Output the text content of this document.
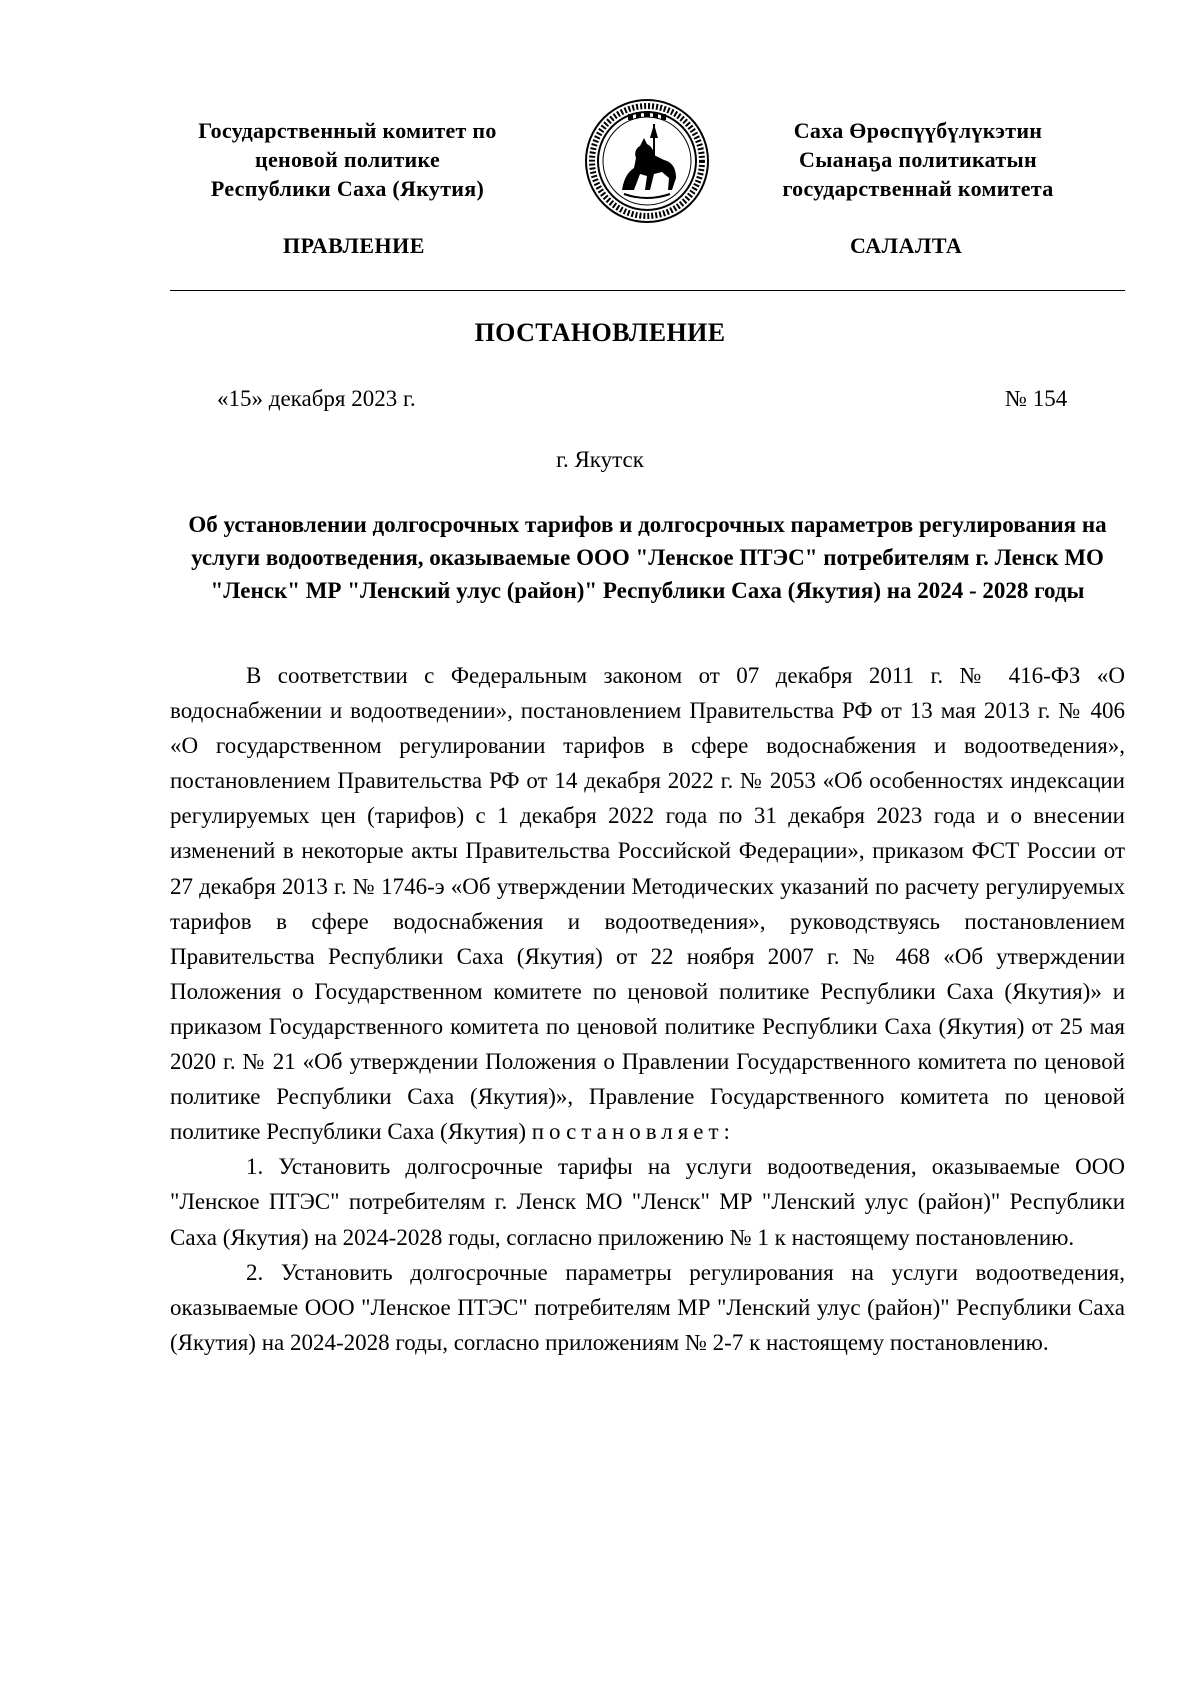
Государственный комитет по
ценовой политике
Республики Саха (Якутия)
ПРАВЛЕНИЕ
Саха Өрөспүүбүлүкэтин
Сыанаҕа политикатын
государственнай комитета
САЛАЛТА
ПОСТАНОВЛЕНИЕ
«15» декабря 2023 г.	№ 154
г. Якутск
Об установлении долгосрочных тарифов и долгосрочных параметров регулирования на услуги водоотведения, оказываемые ООО "Ленское ПТЭС" потребителям г. Ленск МО "Ленск" МР "Ленский улус (район)" Республики Саха (Якутия) на 2024 - 2028 годы

В соответствии с Федеральным законом от 07 декабря 2011 г. № 416-ФЗ «О водоснабжении и водоотведении», постановлением Правительства РФ от 13 мая 2013 г. № 406 «О государственном регулировании тарифов в сфере водоснабжения и водоотведения», постановлением Правительства РФ от 14 декабря 2022 г. № 2053 «Об особенностях индексации регулируемых цен (тарифов) с 1 декабря 2022 года по 31 декабря 2023 года и о внесении изменений в некоторые акты Правительства Российской Федерации», приказом ФСТ России от 27 декабря 2013 г. № 1746-э «Об утверждении Методических указаний по расчету регулируемых тарифов в сфере водоснабжения и водоотведения», руководствуясь постановлением Правительства Республики Саха (Якутия) от 22 ноября 2007 г. № 468 «Об утверждении Положения о Государственном комитете по ценовой политике Республики Саха (Якутия)» и приказом Государственного комитета по ценовой политике Республики Саха (Якутия) от 25 мая 2020 г. № 21 «Об утверждении Положения о Правлении Государственного комитета по ценовой политике Республики Саха (Якутия)», Правление Государственного комитета по ценовой политике Республики Саха (Якутия) постановляет:

1. Установить долгосрочные тарифы на услуги водоотведения, оказываемые ООО "Ленское ПТЭС" потребителям г. Ленск МО "Ленск" МР "Ленский улус (район)" Республики Саха (Якутия) на 2024-2028 годы, согласно приложению № 1 к настоящему постановлению.

2. Установить долгосрочные параметры регулирования на услуги водоотведения, оказываемые ООО "Ленское ПТЭС" потребителям МР "Ленский улус (район)" Республики Саха (Якутия) на 2024-2028 годы, согласно приложениям № 2-7 к настоящему постановлению.
